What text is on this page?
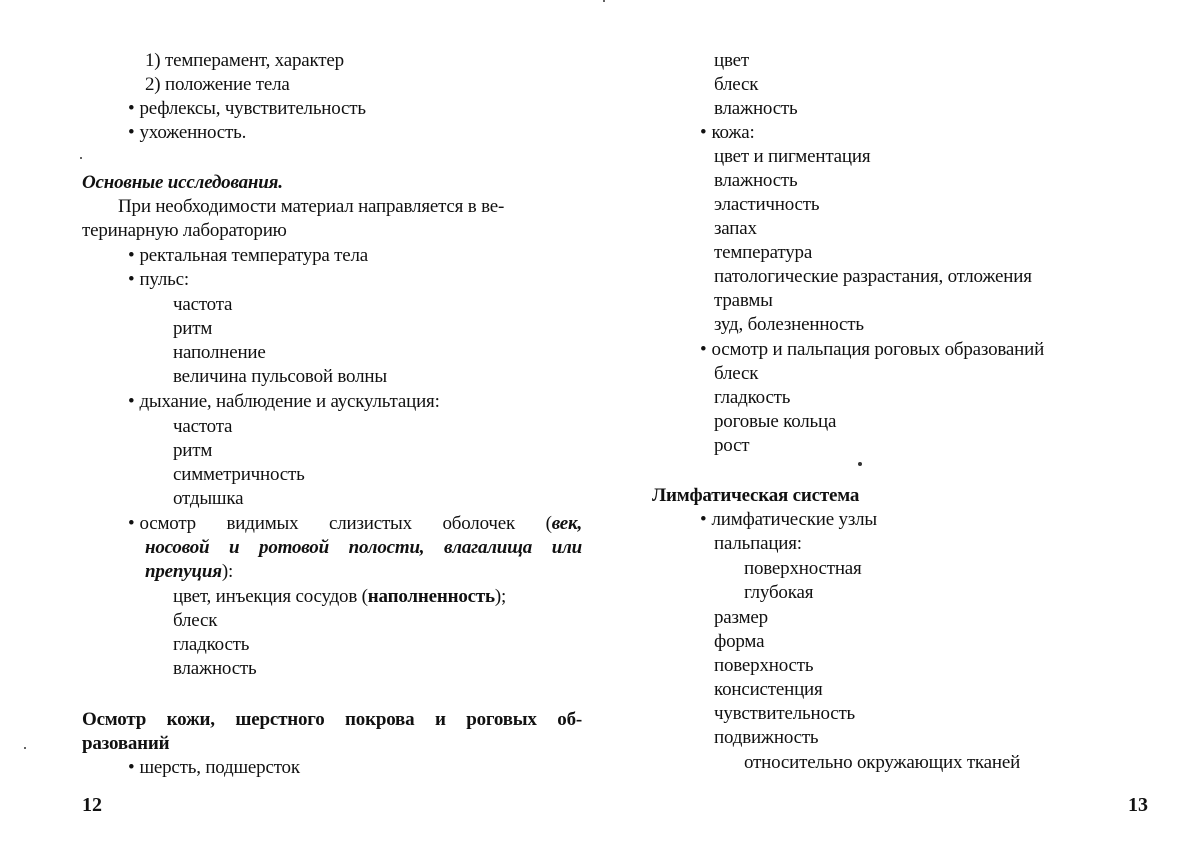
1) темперамент, характер
2) положение тела
• рефлексы, чувствительность
• ухоженность.
Основные исследования.
При необходимости материал направляется в ве-
теринарную лабораторию
• ректальная температура тела
• пульс:
частота
ритм
наполнение
величина пульсовой волны
• дыхание, наблюдение и аускультация:
частота
ритм
симметричность
отдышка
• осмотр видимых слизистых оболочек (век,
носовой и ротовой полости, влагалища или
препуция):
цвет, инъекция сосудов (наполненность);
блеск
гладкость
влажность
Осмотр кожи, шерстного покрова и роговых об-
разований
• шерсть, подшерсток
12
цвет
блеск
влажность
• кожа:
цвет и пигментация
влажность
эластичность
запах
температура
патологические разрастания, отложения
травмы
зуд, болезненность
• осмотр и пальпация роговых образований
блеск
гладкость
роговые кольца
рост
Лимфатическая система
• лимфатические узлы
пальпация:
поверхностная
глубокая
размер
форма
поверхность
консистенция
чувствительность
подвижность
относительно окружающих тканей
13
